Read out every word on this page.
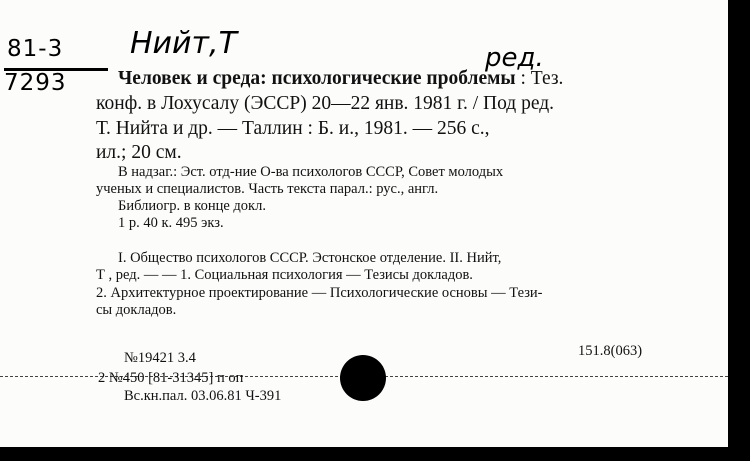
81-3
7293
Нийт,Т	ред.
Человек и среда: психологические проблемы : Тез.
конф. в Лохусалу (ЭССР) 20—22 янв. 1981 г. / Под ред.
Т. Нийта и др. — Таллин : Б. и., 1981. — 256 с.,
ил.; 20 см.
В надзаг.: Эст. отд-ние О-ва психологов СССР, Совет молодых
ученых и специалистов. Часть текста парал.: рус., англ.
Библиогр. в конце докл.
1 р. 40 к. 495 экз.
I. Общество психологов СССР. Эстонское отделение. II. Нийт,
Т , ред. — — 1. Социальная психология — Тезисы докладов.
2. Архитектурное проектирование — Психологические основы — Тези-
сы докладов.
151.8(063)
№19421 3.4
2 №450 [81-31345] п оп
Вс.кн.пал. 03.06.81 Ч-391
